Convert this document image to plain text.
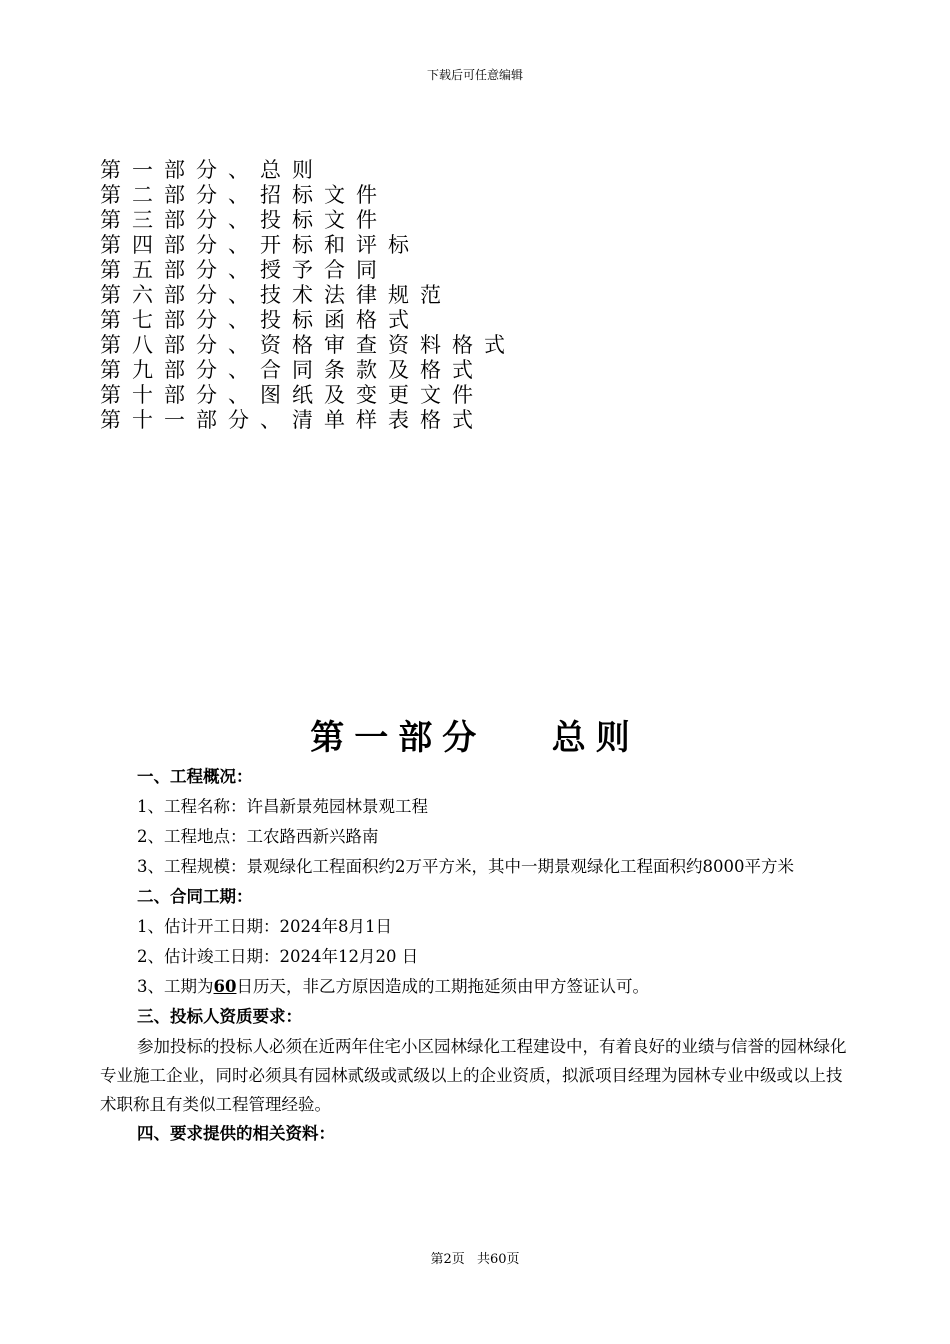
下载后可任意编辑
第一部分、总则
第二部分、招标文件
第三部分、投标文件
第四部分、开标和评标
第五部分、授予合同
第六部分、技术法律规范
第七部分、投标函格式
第八部分、资格审查资料格式
第九部分、合同条款及格式
第十部分、图纸及变更文件
第十一部分、清单样表格式
第一部分   总则

一、工程概况：

1、工程名称：许昌新景苑园林景观工程

2、工程地点：工农路西新兴路南

3、工程规模：景观绿化工程面积约2万平方米，其中一期景观绿化工程面积约8000平方米

二、合同工期：

1、估计开工日期：2024年8月1日

2、估计竣工日期：2024年12月20 日

3、工期为60日历天，非乙方原因造成的工期拖延须由甲方签证认可。

三、投标人资质要求：

参加投标的投标人必须在近两年住宅小区园林绿化工程建设中，有着良好的业绩与信誉的园林绿化专业施工企业，同时必须具有园林贰级或贰级以上的企业资质，拟派项目经理为园林专业中级或以上技术职称且有类似工程管理经验。

四、要求提供的相关资料：

第2页 共60页
